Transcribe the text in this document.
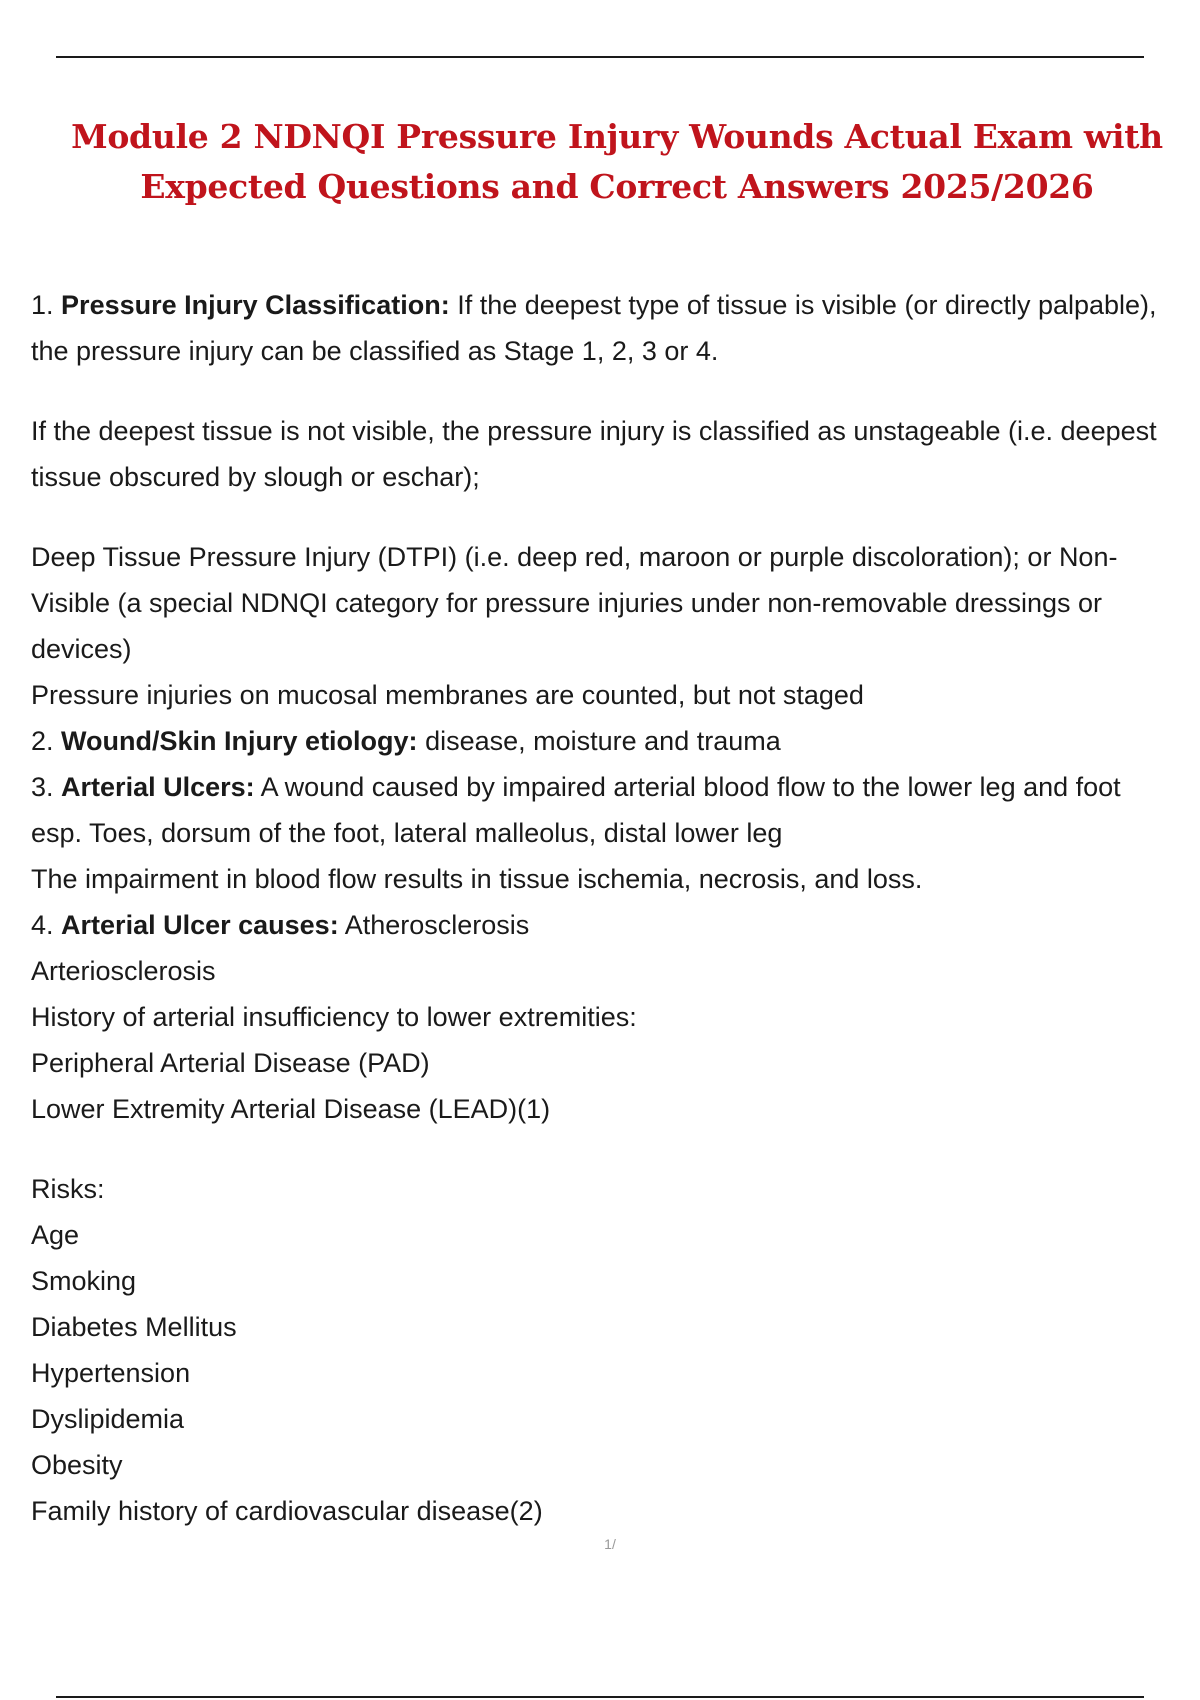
Module 2 NDNQI Pressure Injury Wounds Actual Exam with Expected Questions and Correct Answers 2025/2026
1. Pressure Injury Classification: If the deepest type of tissue is visible (or directly palpable),
the pressure injury can be classified as Stage 1, 2, 3 or 4.
If the deepest tissue is not visible, the pressure injury is classified as unstageable (i.e. deepest
tissue obscured by slough or eschar);
Deep Tissue Pressure Injury (DTPI) (i.e. deep red, maroon or purple discoloration); or Non-
Visible (a special NDNQI category for pressure injuries under non-removable dressings or
devices)
Pressure injuries on mucosal membranes are counted, but not staged
2. Wound/Skin Injury etiology: disease, moisture and trauma
3. Arterial Ulcers: A wound caused by impaired arterial blood flow to the lower leg and foot
esp. Toes, dorsum of the foot, lateral malleolus, distal lower leg
The impairment in blood flow results in tissue ischemia, necrosis, and loss.
4. Arterial Ulcer causes: Atherosclerosis
Arteriosclerosis
History of arterial insufficiency to lower extremities:
Peripheral Arterial Disease (PAD)
Lower Extremity Arterial Disease (LEAD)(1)
Risks:
Age
Smoking
Diabetes Mellitus
Hypertension
Dyslipidemia
Obesity
Family history of cardiovascular disease(2)
1/
